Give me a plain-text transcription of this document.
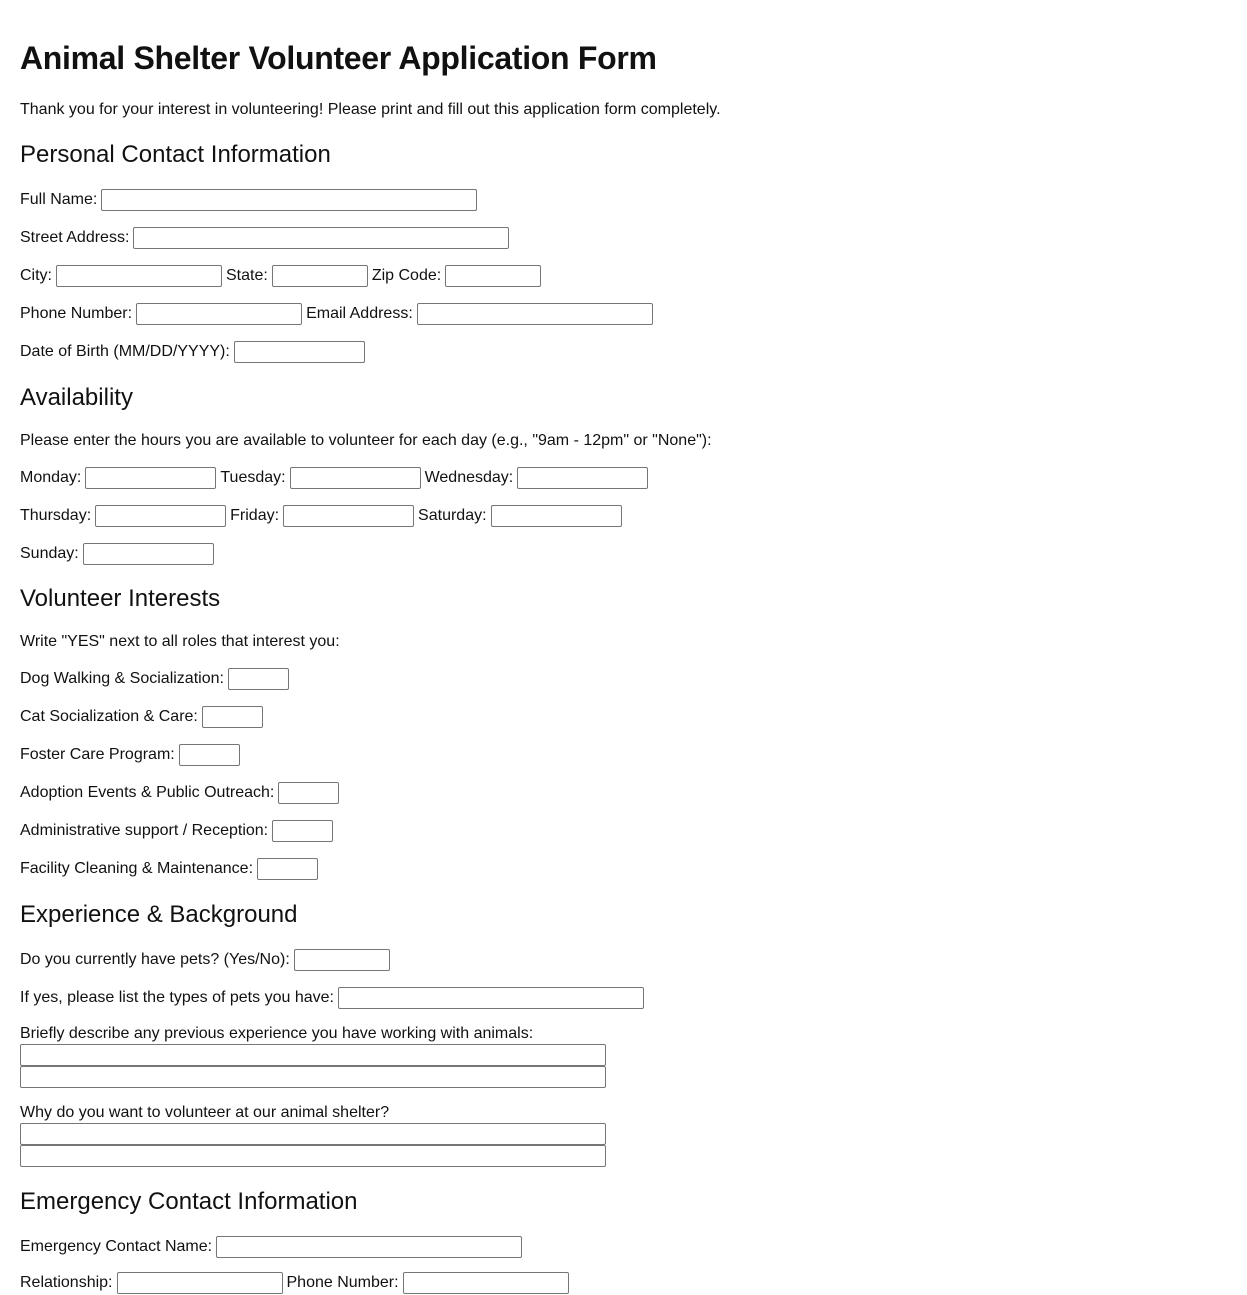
Animal Shelter Volunteer Application Form

Thank you for your interest in volunteering! Please print and fill out this application form completely.

Personal Contact Information
Full Name:
Street Address:
City:	State:	Zip Code:
Phone Number:	Email Address:
Date of Birth (MM/DD/YYYY):
Availability

Please enter the hours you are available to volunteer for each day (e.g., "9am - 12pm" or "None"):

Monday:	Tuesday:	Wednesday:
Thursday:	Friday:	Saturday:
Sunday:
Volunteer Interests

Write "YES" next to all roles that interest you:

Dog Walking & Socialization:
Cat Socialization & Care:
Foster Care Program:
Adoption Events & Public Outreach:
Administrative support / Reception:
Facility Cleaning & Maintenance:
Experience & Background
Do you currently have pets? (Yes/No):
If yes, please list the types of pets you have:

Briefly describe any previous experience you have working with animals:

Why do you want to volunteer at our animal shelter?

Emergency Contact Information
Emergency Contact Name:
Relationship:	Phone Number:
